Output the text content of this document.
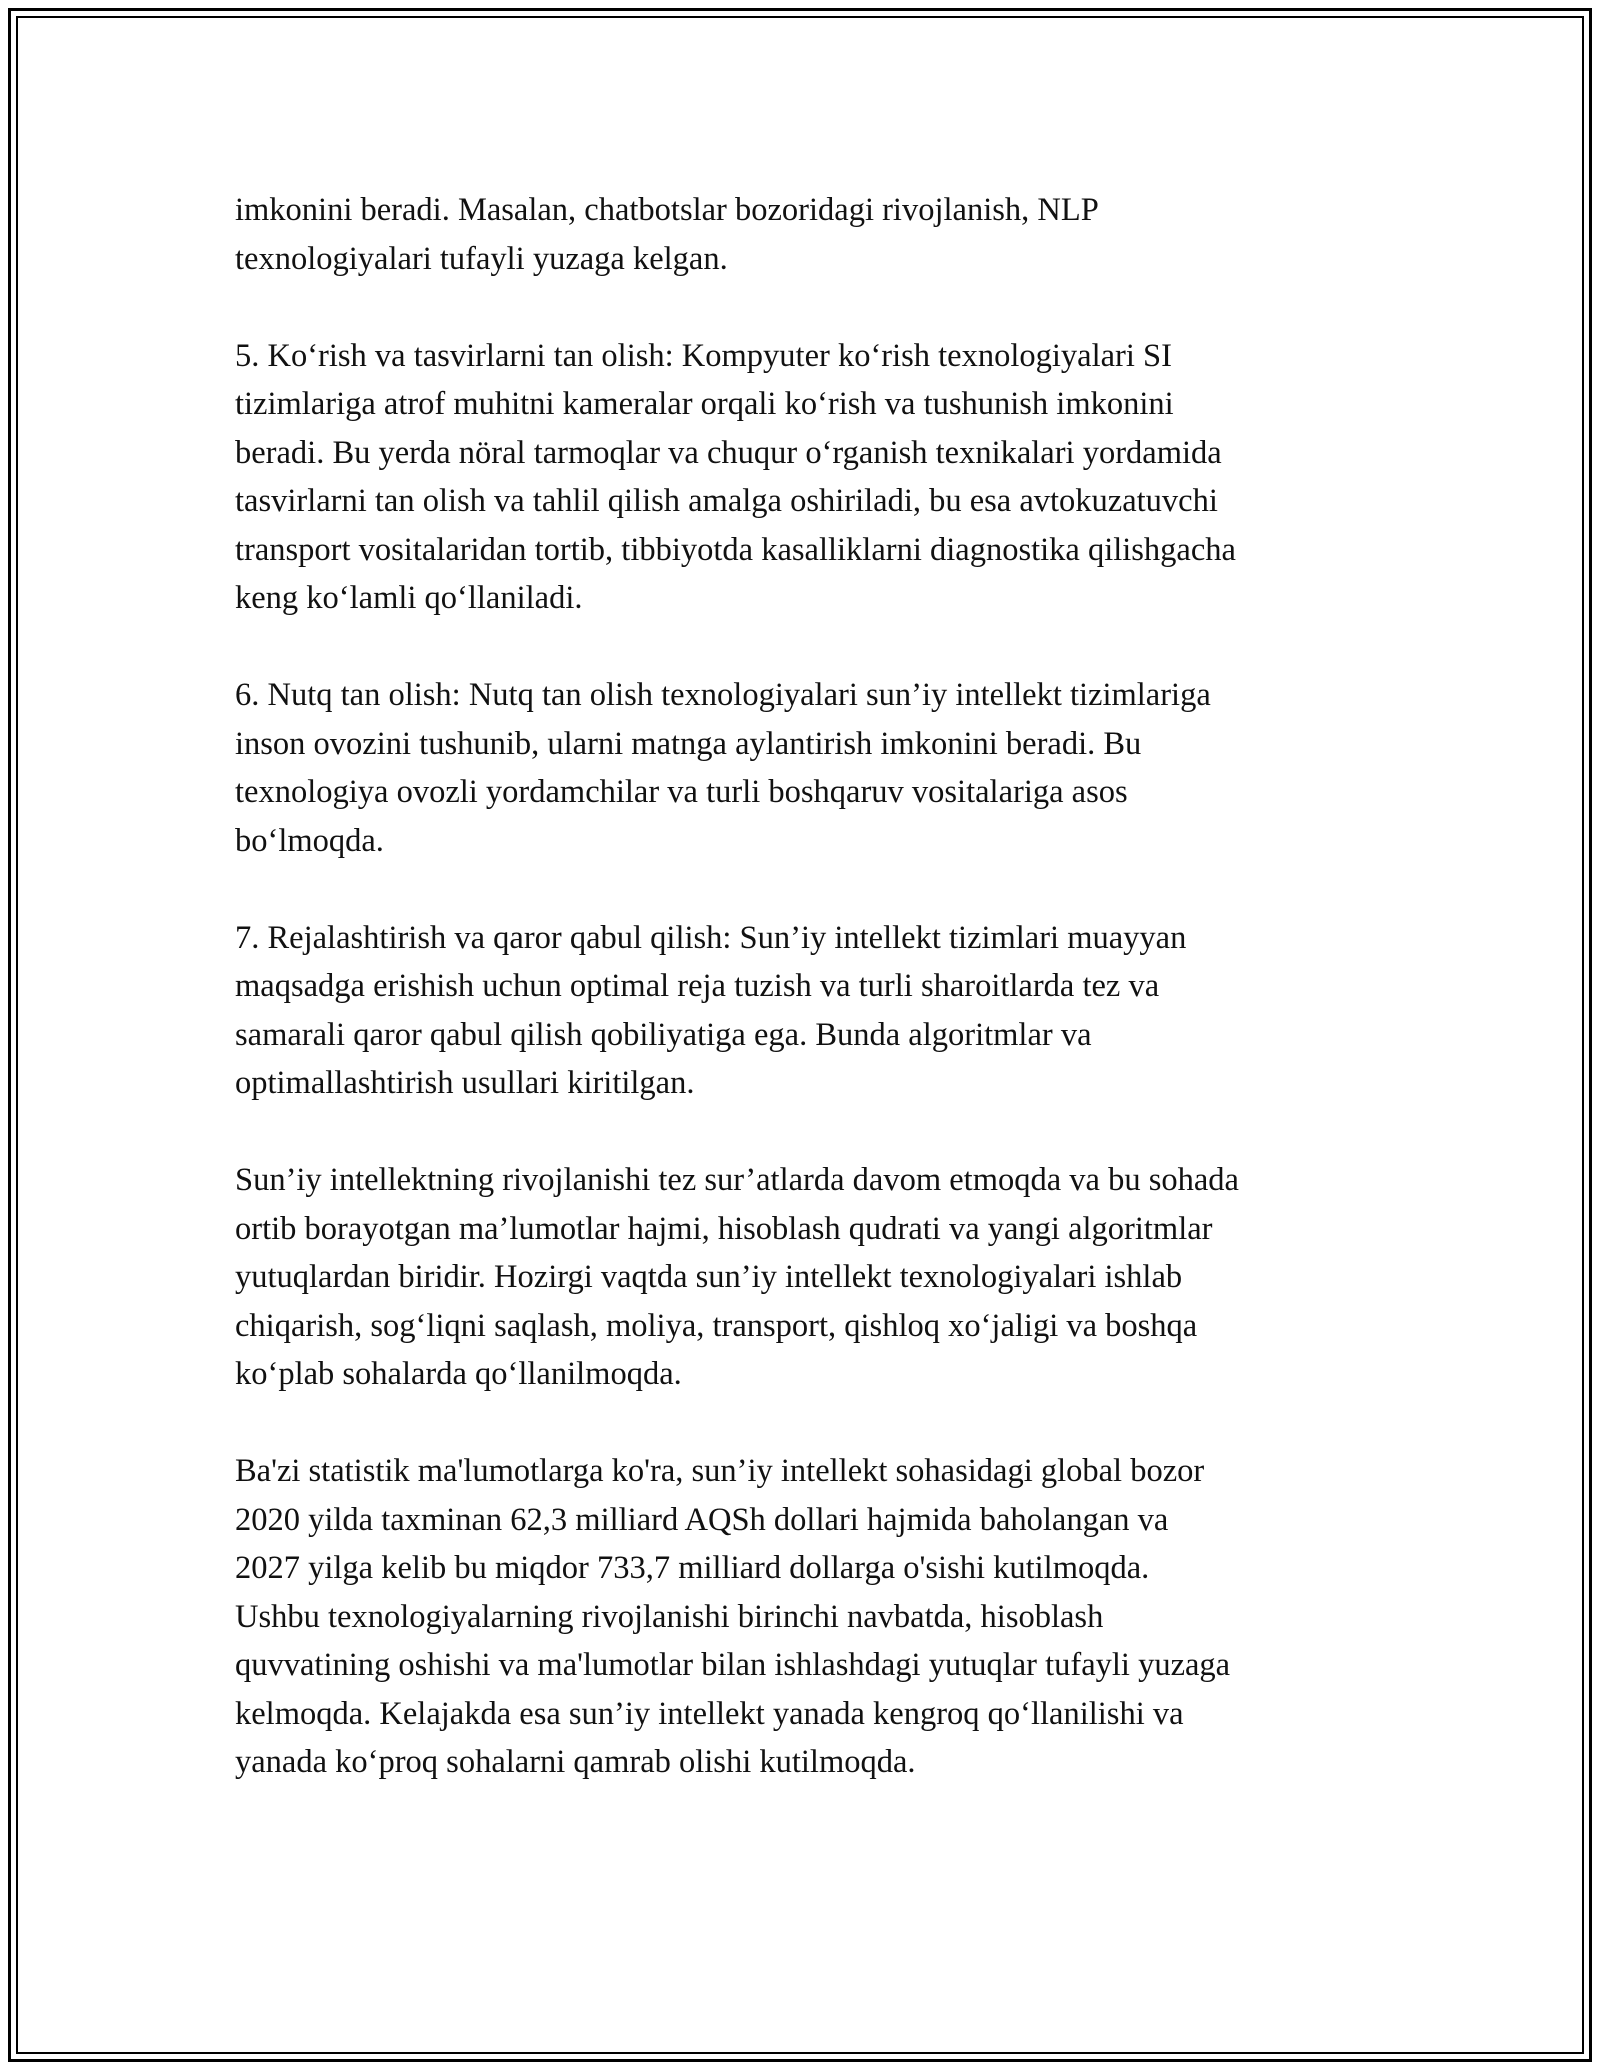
imkonini beradi. Masalan, chatbotslar bozoridagi rivojlanish, NLP
texnologiyalari tufayli yuzaga kelgan.

5. Koʻrish va tasvirlarni tan olish: Kompyuter koʻrish texnologiyalari SI
tizimlariga atrof muhitni kameralar orqali koʻrish va tushunish imkonini
beradi. Bu yerda nöral tarmoqlar va chuqur oʻrganish texnikalari yordamida
tasvirlarni tan olish va tahlil qilish amalga oshiriladi, bu esa avtokuzatuvchi
transport vositalaridan tortib, tibbiyotda kasalliklarni diagnostika qilishgacha
keng koʻlamli qoʻllaniladi.

6. Nutq tan olish: Nutq tan olish texnologiyalari sun’iy intellekt tizimlariga
inson ovozini tushunib, ularni matnga aylantirish imkonini beradi. Bu
texnologiya ovozli yordamchilar va turli boshqaruv vositalariga asos
boʻlmoqda.

7. Rejalashtirish va qaror qabul qilish: Sun’iy intellekt tizimlari muayyan
maqsadga erishish uchun optimal reja tuzish va turli sharoitlarda tez va
samarali qaror qabul qilish qobiliyatiga ega. Bunda algoritmlar va
optimallashtirish usullari kiritilgan.

Sun’iy intellektning rivojlanishi tez sur’atlarda davom etmoqda va bu sohada
ortib borayotgan ma’lumotlar hajmi, hisoblash qudrati va yangi algoritmlar
yutuqlardan biridir. Hozirgi vaqtda sun’iy intellekt texnologiyalari ishlab
chiqarish, sogʻliqni saqlash, moliya, transport, qishloq xoʻjaligi va boshqa
koʻplab sohalarda qoʻllanilmoqda.

Ba'zi statistik ma'lumotlarga ko'ra, sun’iy intellekt sohasidagi global bozor
2020 yilda taxminan 62,3 milliard AQSh dollari hajmida baholangan va
2027 yilga kelib bu miqdor 733,7 milliard dollarga o'sishi kutilmoqda.
Ushbu texnologiyalarning rivojlanishi birinchi navbatda, hisoblash
quvvatining oshishi va ma'lumotlar bilan ishlashdagi yutuqlar tufayli yuzaga
kelmoqda. Kelajakda esa sun’iy intellekt yanada kengroq qoʻllanilishi va
yanada koʻproq sohalarni qamrab olishi kutilmoqda.
